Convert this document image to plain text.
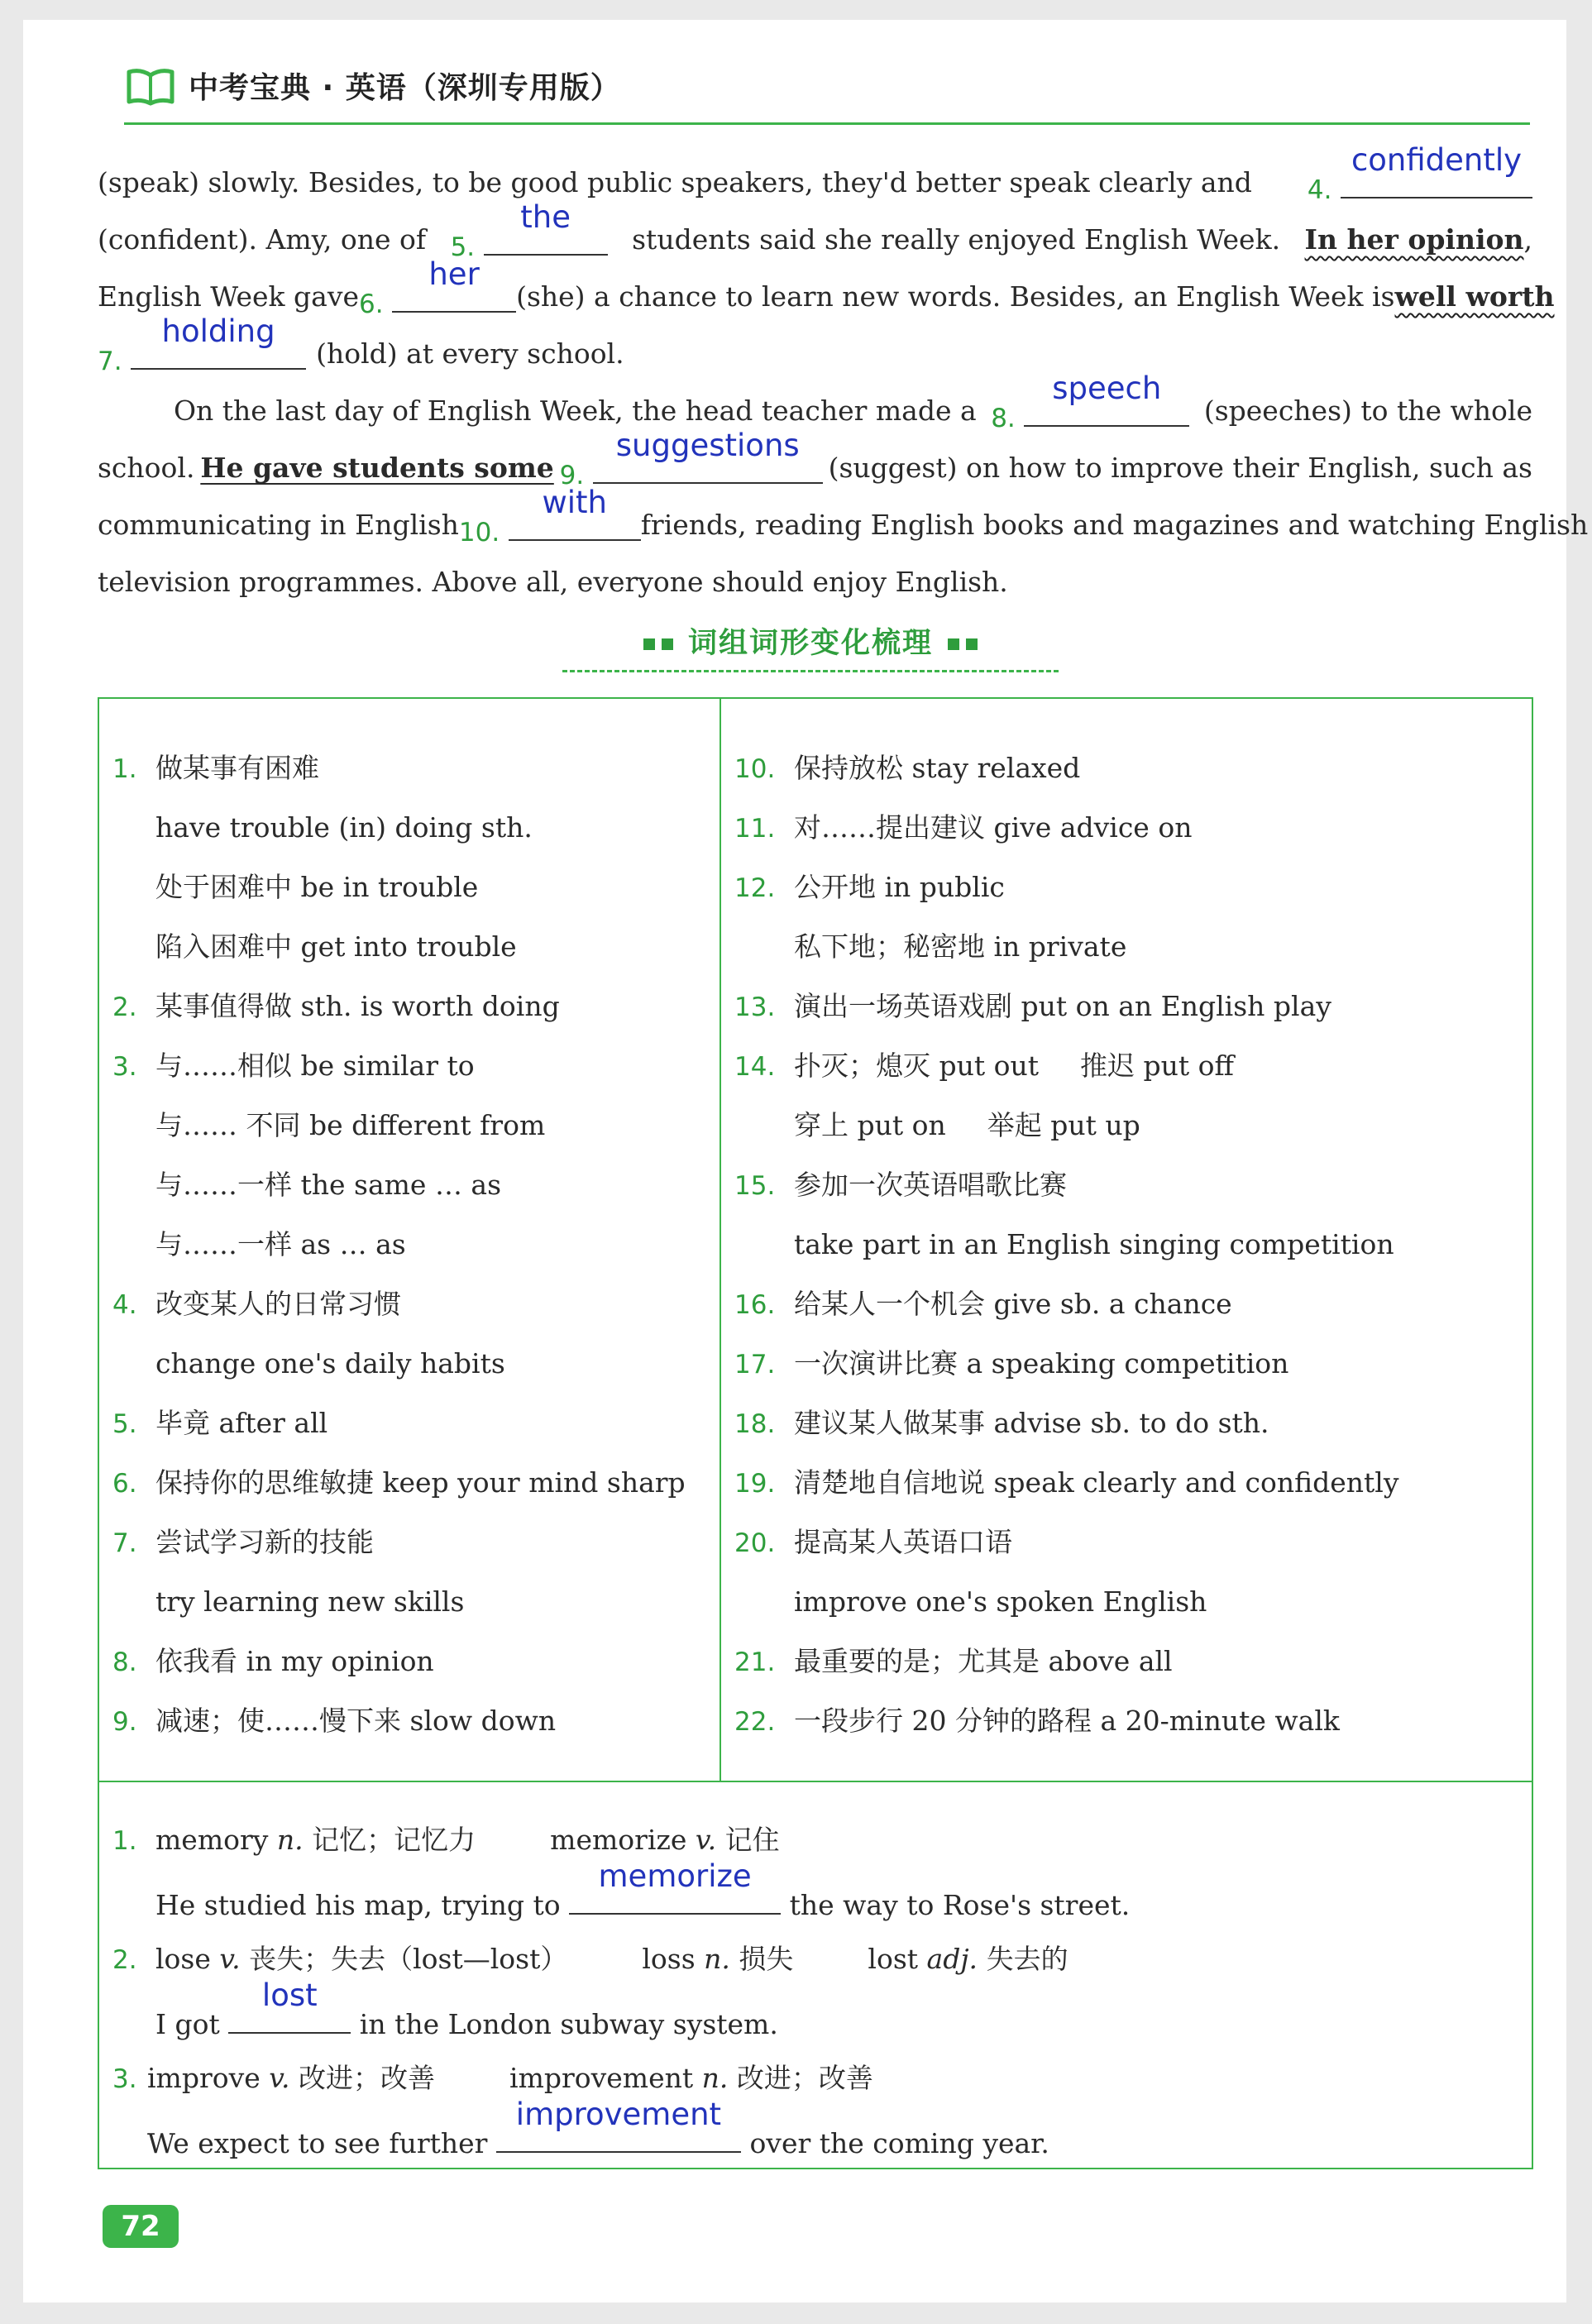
中考宝典 · 英语（深圳专用版）
(speak) slowly. Besides, to be good public speakers, they'd better speak clearly and 4.
confidently
(confident). Amy, one of 5.
the
students said she really enjoyed English Week. In her opinion,
English Week gave 6.
her
(she) a chance to learn new words. Besides, an English Week is well worth
7.
holding
(hold) at every school.
On the last day of English Week, the head teacher made a 8.
speech
(speeches) to the whole
school. He gave students some 9.
suggestions
(suggest) on how to improve their English, such as
communicating in English 10.
with
friends, reading English books and magazines and watching English
television programmes. Above all, everyone should enjoy English.
词组词形变化梳理
1. 做某事有困难
have trouble (in) doing sth.
处于困难中 be in trouble
陷入困难中 get into trouble
2. 某事值得做 sth. is worth doing
3. 与……相似 be similar to
与…… 不同 be different from
与……一样 the same … as
与……一样 as … as
4. 改变某人的日常习惯
change one's daily habits
5. 毕竟 after all
6. 保持你的思维敏捷 keep your mind sharp
7. 尝试学习新的技能
try learning new skills
8. 依我看 in my opinion
9. 减速；使……慢下来 slow down
10. 保持放松 stay relaxed
11. 对……提出建议 give advice on
12. 公开地 in public
私下地；秘密地 in private
13. 演出一场英语戏剧 put on an English play
14. 扑灭；熄灭 put out 推迟 put off
穿上 put on 举起 put up
15. 参加一次英语唱歌比赛
take part in an English singing competition
16. 给某人一个机会 give sb. a chance
17. 一次演讲比赛 a speaking competition
18. 建议某人做某事 advise sb. to do sth.
19. 清楚地自信地说 speak clearly and confidently
20. 提高某人英语口语
improve one's spoken English
21. 最重要的是；尤其是 above all
22. 一段步行 20 分钟的路程 a 20-minute walk
1. memory n. 记忆；记忆力	memorize v. 记住
He studied his map, trying to
memorize
the way to Rose's street.
2. lose v. 丧失；失去（lost—lost）	loss n. 损失	lost adj. 失去的
I got
lost
in the London subway system.
3. improve v. 改进；改善	improvement n. 改进；改善
We expect to see further
improvement
over the coming year.
72
